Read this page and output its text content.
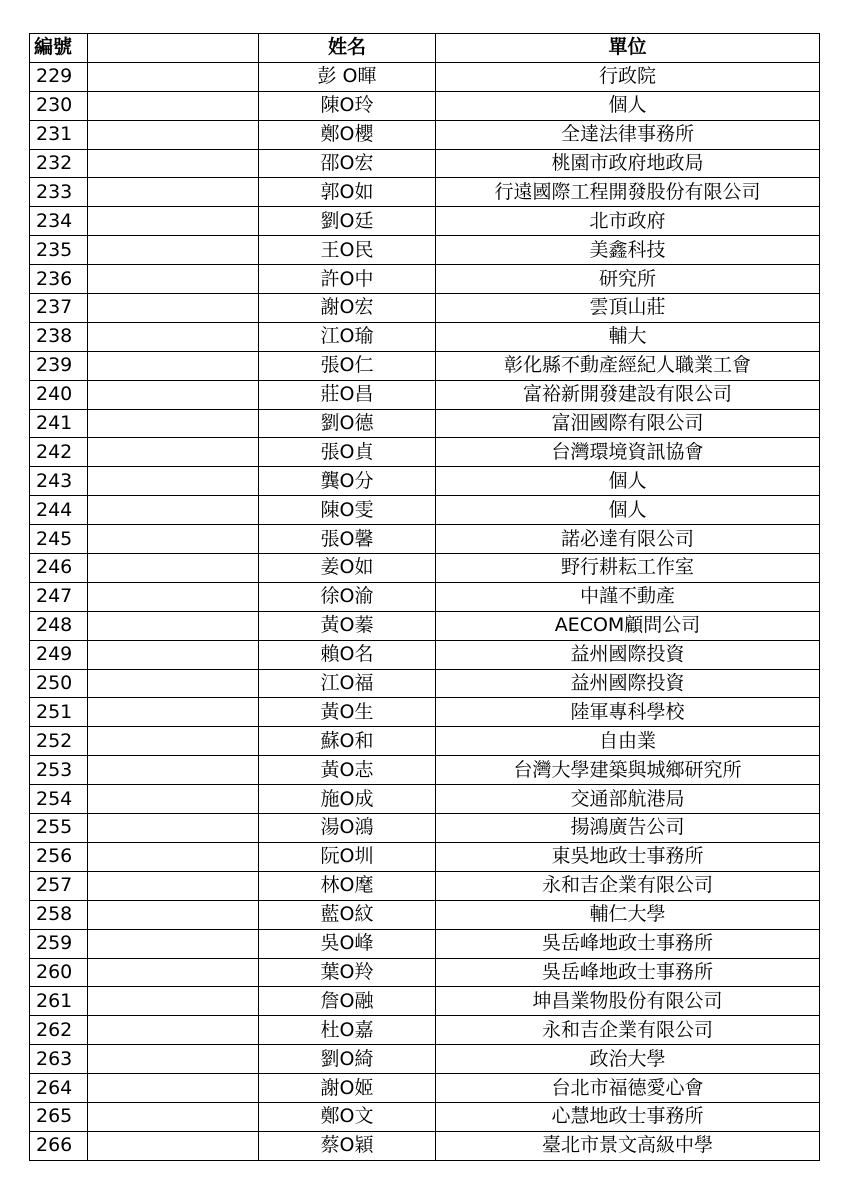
編號		姓名	單位
229		彭 O暉	行政院
230		陳O玲	個人
231		鄭O櫻	全達法律事務所
232		邵O宏	桃園市政府地政局
233		郭O如	行遠國際工程開發股份有限公司
234		劉O廷	北市政府
235		王O民	美鑫科技
236		許O中	研究所
237		謝O宏	雲頂山莊
238		江O瑜	輔大
239		張O仁	彰化縣不動產經紀人職業工會
240		莊O昌	富裕新開發建設有限公司
241		劉O德	富沺國際有限公司
242		張O貞	台灣環境資訊協會
243		龔O分	個人
244		陳O雯	個人
245		張O馨	諾必達有限公司
246		姜O如	野行耕耘工作室
247		徐O渝	中謹不動產
248		黃O蓁	AECOM顧問公司
249		賴O名	益州國際投資
250		江O福	益州國際投資
251		黃O生	陸軍專科學校
252		蘇O和	自由業
253		黃O志	台灣大學建築與城鄉研究所
254		施O成	交通部航港局
255		湯O鴻	揚鴻廣告公司
256		阮O圳	東吳地政士事務所
257		林O麾	永和吉企業有限公司
258		藍O紋	輔仁大學
259		吳O峰	吳岳峰地政士事務所
260		葉O羚	吳岳峰地政士事務所
261		詹O融	坤昌業物股份有限公司
262		杜O嘉	永和吉企業有限公司
263		劉O綺	政治大學
264		謝O姬	台北市福德愛心會
265		鄭O文	心慧地政士事務所
266		蔡O穎	臺北市景文高級中學
